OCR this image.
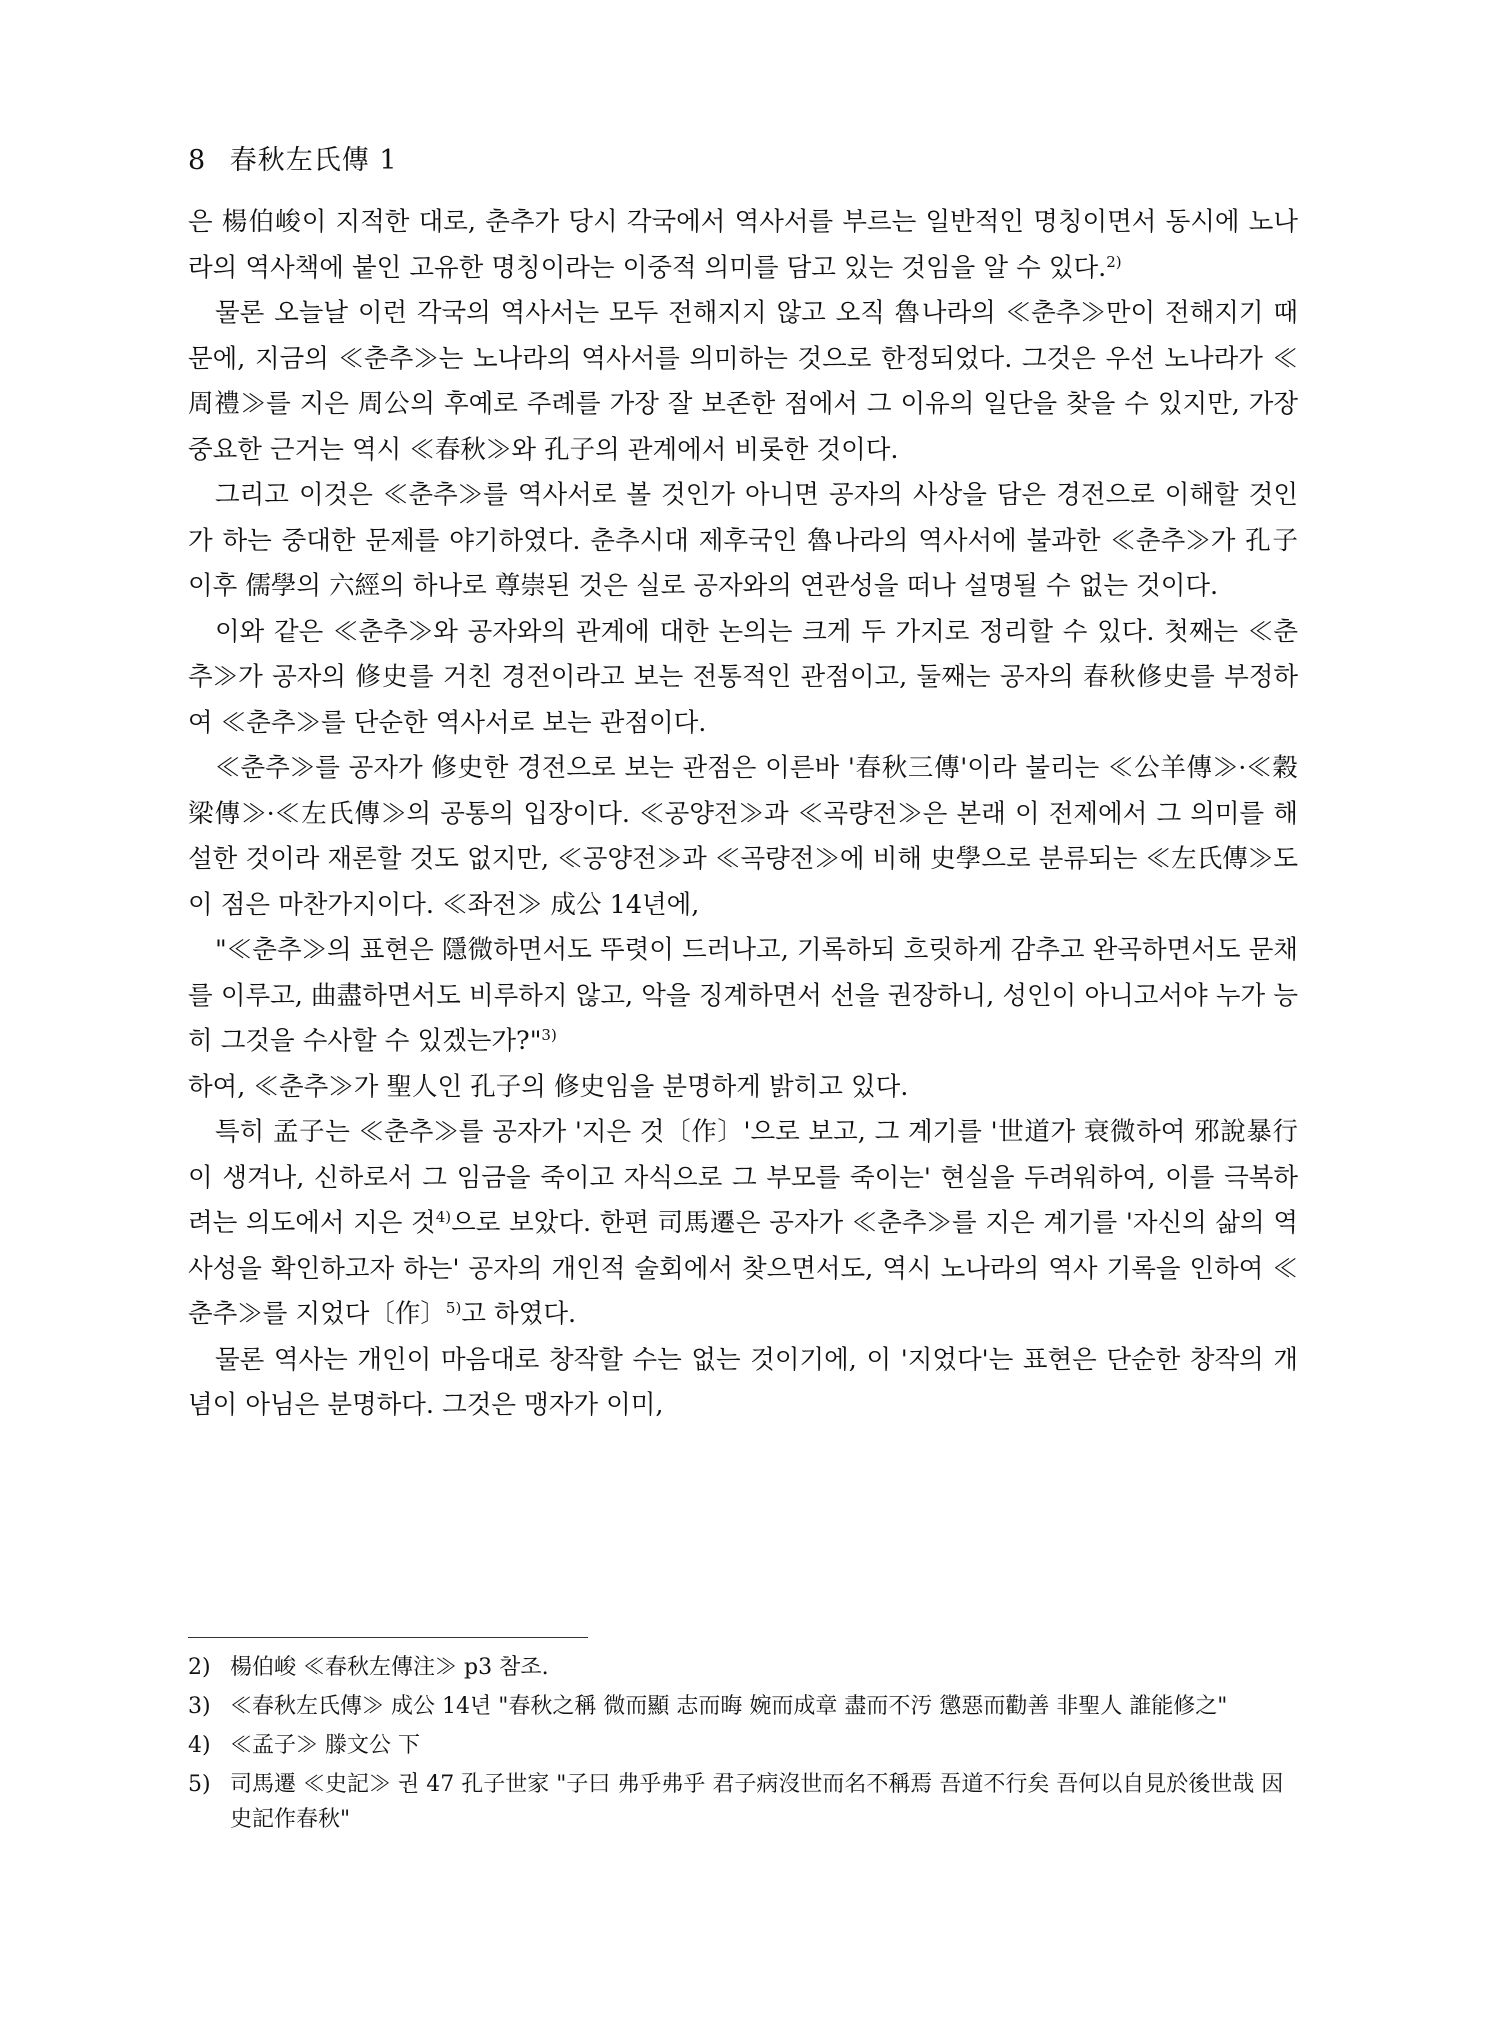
8 春秋左氏傳 1

은 楊伯峻이 지적한 대로, 춘추가 당시 각국에서 역사서를 부르는 일반적인 명칭이면서 동시에 노나라의 역사책에 붙인 고유한 명칭이라는 이중적 의미를 담고 있는 것임을 알 수 있다.$^{2)}$

물론 오늘날 이런 각국의 역사서는 모두 전해지지 않고 오직 魯나라의 ≪춘추≫만이 전해지기 때문에, 지금의 ≪춘추≫는 노나라의 역사서를 의미하는 것으로 한정되었다. 그것은 우선 노나라가 ≪周禮≫를 지은 周公의 후예로 주례를 가장 잘 보존한 점에서 그 이유의 일단을 찾을 수 있지만, 가장 중요한 근거는 역시 ≪春秋≫와 孔子의 관계에서 비롯한 것이다.

그리고 이것은 ≪춘추≫를 역사서로 볼 것인가 아니면 공자의 사상을 담은 경전으로 이해할 것인가 하는 중대한 문제를 야기하였다. 춘추시대 제후국인 魯나라의 역사서에 불과한 ≪춘추≫가 孔子 이후 儒學의 六經의 하나로 尊崇된 것은 실로 공자와의 연관성을 떠나 설명될 수 없는 것이다.

이와 같은 ≪춘추≫와 공자와의 관계에 대한 논의는 크게 두 가지로 정리할 수 있다. 첫째는 ≪춘추≫가 공자의 修史를 거친 경전이라고 보는 전통적인 관점이고, 둘째는 공자의 春秋修史를 부정하여 ≪춘추≫를 단순한 역사서로 보는 관점이다.

≪춘추≫를 공자가 修史한 경전으로 보는 관점은 이른바 '春秋三傳'이라 불리는 ≪公羊傳≫·≪穀梁傳≫·≪左氏傳≫의 공통의 입장이다. ≪공양전≫과 ≪곡량전≫은 본래 이 전제에서 그 의미를 해설한 것이라 재론할 것도 없지만, ≪공양전≫과 ≪곡량전≫에 비해 史學으로 분류되는 ≪左氏傳≫도 이 점은 마찬가지이다. ≪좌전≫ 成公 14년에,

"≪춘추≫의 표현은 隱微하면서도 뚜렷이 드러나고, 기록하되 흐릿하게 감추고 완곡하면서도 문채를 이루고, 曲盡하면서도 비루하지 않고, 악을 징계하면서 선을 권장하니, 성인이 아니고서야 누가 능히 그것을 수사할 수 있겠는가?"$^{3)}$

하여, ≪춘추≫가 聖人인 孔子의 修史임을 분명하게 밝히고 있다.

특히 孟子는 ≪춘추≫를 공자가 '지은 것〔作〕'으로 보고, 그 계기를 '世道가 衰微하여 邪說暴行이 생겨나, 신하로서 그 임금을 죽이고 자식으로 그 부모를 죽이는' 현실을 두려워하여, 이를 극복하려는 의도에서 지은 것$^{4)}$으로 보았다. 한편 司馬遷은 공자가 ≪춘추≫를 지은 계기를 '자신의 삶의 역사성을 확인하고자 하는' 공자의 개인적 술회에서 찾으면서도, 역시 노나라의 역사 기록을 인하여 ≪춘추≫를 지었다〔作〕$^{5)}$고 하였다.

물론 역사는 개인이 마음대로 창작할 수는 없는 것이기에, 이 '지었다'는 표현은 단순한 창작의 개념이 아님은 분명하다. 그것은 맹자가 이미,

2) 楊伯峻 ≪春秋左傳注≫ p3 참조.
3) ≪春秋左氏傳≫ 成公 14년 "春秋之稱 微而顯 志而晦 婉而成章 盡而不汚 懲惡而勸善 非聖人 誰能修之"
4) ≪孟子≫ 滕文公 下
5) 司馬遷 ≪史記≫ 권 47 孔子世家 "子曰 弗乎弗乎 君子病沒世而名不稱焉 吾道不行矣 吾何以自見於後世哉 因史記作春秋"
